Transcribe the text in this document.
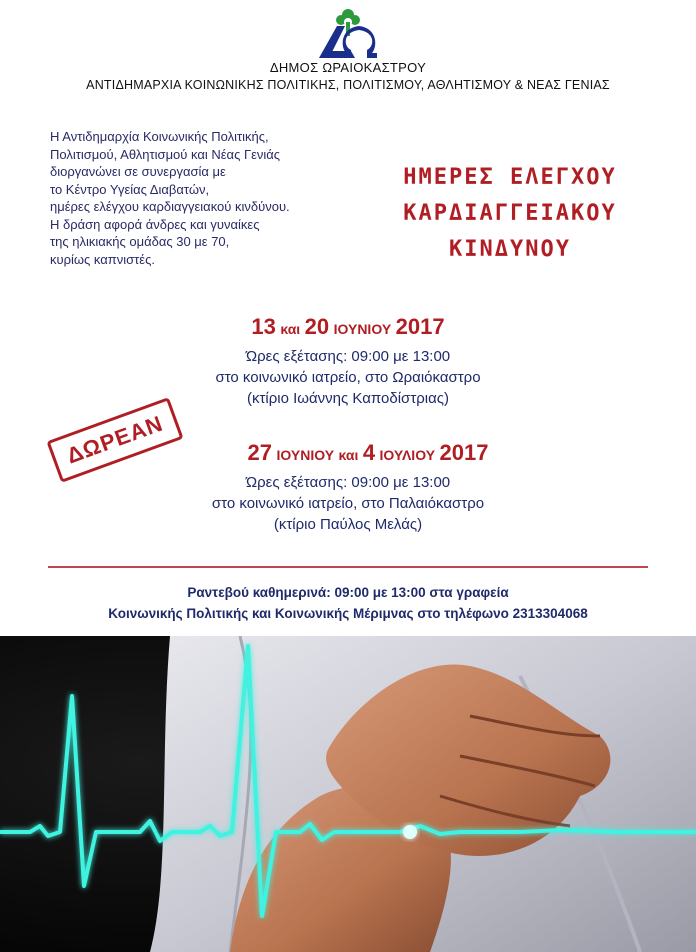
ΔΗΜΟΣ ΩΡΑΙΟΚΑΣΤΡΟΥ
ΑΝΤΙΔΗΜΑΡΧΙΑ ΚΟΙΝΩΝΙΚΗΣ ΠΟΛΙΤΙΚΗΣ, ΠΟΛΙΤΙΣΜΟΥ, ΑΘΛΗΤΙΣΜΟΥ & ΝΕΑΣ ΓΕΝΙΑΣ
Η Αντιδημαρχία Κοινωνικής Πολιτικής,
Πολιτισμού, Αθλητισμού και Νέας Γενιάς
διοργανώνει σε συνεργασία με
το Κέντρο Υγείας Διαβατών,
ημέρες ελέγχου καρδιαγγειακού κινδύνου.
Η δράση αφορά άνδρες και γυναίκες
της ηλικιακής ομάδας 30 με 70,
κυρίως καπνιστές.
ΗΜΕΡΕΣ ΕΛΕΓΧΟΥ
ΚΑΡΔΙΑΓΓΕΙΑΚΟΥ
ΚΙΝΔΥΝΟΥ
13 και 20 ΙΟΥΝΙΟΥ 2017
Ώρες εξέτασης: 09:00 με 13:00
στο κοινωνικό ιατρείο, στο Ωραιόκαστρο
(κτίριο Ιωάννης Καποδίστριας)
ΔΩΡΕΑΝ	27 ΙΟΥΝΙΟΥ και 4 ΙΟΥΛΙΟΥ 2017
Ώρες εξέτασης: 09:00 με 13:00
στο κοινωνικό ιατρείο, στο Παλαιόκαστρο
(κτίριο Παύλος Μελάς)
Ραντεβού καθημερινά: 09:00 με 13:00 στα γραφεία
Κοινωνικής Πολιτικής και Κοινωνικής Μέριμνας στο τηλέφωνο 2313304068
